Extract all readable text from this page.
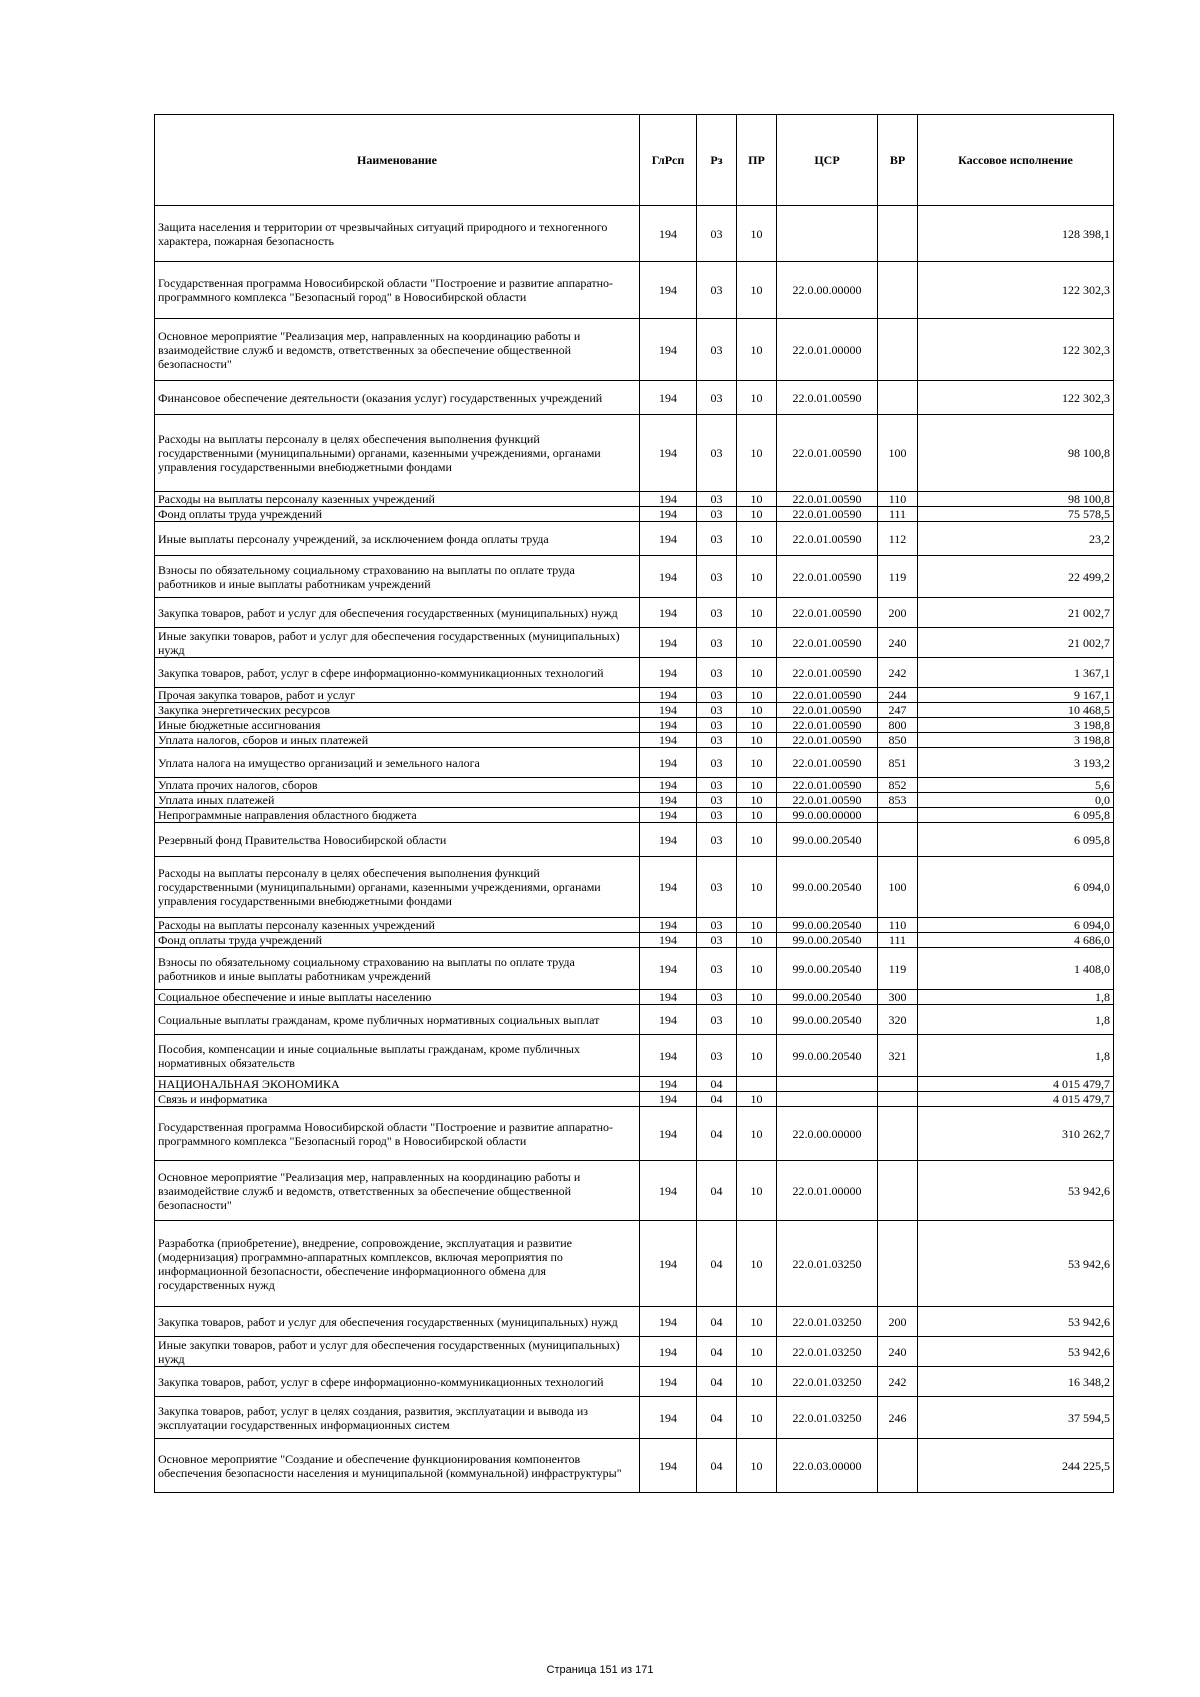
Наименование	ГлРсп	Рз	ПР	ЦСР	ВР	Кассовое исполнение
Защита населения и территории от чрезвычайных ситуаций природного и техногенного характера, пожарная безопасность	194	03	10			128 398,1
Государственная программа Новосибирской области "Построение и развитие аппаратно-программного комплекса "Безопасный город" в Новосибирской области	194	03	10	22.0.00.00000		122 302,3
Основное мероприятие "Реализация мер, направленных на координацию работы и взаимодействие служб и ведомств, ответственных за обеспечение общественной безопасности"	194	03	10	22.0.01.00000		122 302,3
Финансовое обеспечение деятельности (оказания услуг) государственных учреждений	194	03	10	22.0.01.00590		122 302,3
Расходы на выплаты персоналу в целях обеспечения выполнения функций государственными (муниципальными) органами, казенными учреждениями, органами управления государственными внебюджетными фондами	194	03	10	22.0.01.00590	100	98 100,8
Расходы на выплаты персоналу казенных учреждений	194	03	10	22.0.01.00590	110	98 100,8
Фонд оплаты труда учреждений	194	03	10	22.0.01.00590	111	75 578,5
Иные выплаты персоналу учреждений, за исключением фонда оплаты труда	194	03	10	22.0.01.00590	112	23,2
Взносы по обязательному социальному страхованию на выплаты по оплате труда работников и иные выплаты работникам учреждений	194	03	10	22.0.01.00590	119	22 499,2
Закупка товаров, работ и услуг для обеспечения государственных (муниципальных) нужд	194	03	10	22.0.01.00590	200	21 002,7
Иные закупки товаров, работ и услуг для обеспечения государственных (муниципальных) нужд	194	03	10	22.0.01.00590	240	21 002,7
Закупка товаров, работ, услуг в сфере информационно-коммуникационных технологий	194	03	10	22.0.01.00590	242	1 367,1
Прочая закупка товаров, работ и услуг	194	03	10	22.0.01.00590	244	9 167,1
Закупка энергетических ресурсов	194	03	10	22.0.01.00590	247	10 468,5
Иные бюджетные ассигнования	194	03	10	22.0.01.00590	800	3 198,8
Уплата налогов, сборов и иных платежей	194	03	10	22.0.01.00590	850	3 198,8
Уплата налога на имущество организаций и земельного налога	194	03	10	22.0.01.00590	851	3 193,2
Уплата прочих налогов, сборов	194	03	10	22.0.01.00590	852	5,6
Уплата иных платежей	194	03	10	22.0.01.00590	853	0,0
Непрограммные направления областного бюджета	194	03	10	99.0.00.00000		6 095,8
Резервный фонд Правительства Новосибирской области	194	03	10	99.0.00.20540		6 095,8
Расходы на выплаты персоналу в целях обеспечения выполнения функций государственными (муниципальными) органами, казенными учреждениями, органами управления государственными внебюджетными фондами	194	03	10	99.0.00.20540	100	6 094,0
Расходы на выплаты персоналу казенных учреждений	194	03	10	99.0.00.20540	110	6 094,0
Фонд оплаты труда учреждений	194	03	10	99.0.00.20540	111	4 686,0
Взносы по обязательному социальному страхованию на выплаты по оплате труда работников и иные выплаты работникам учреждений	194	03	10	99.0.00.20540	119	1 408,0
Социальное обеспечение и иные выплаты населению	194	03	10	99.0.00.20540	300	1,8
Социальные выплаты гражданам, кроме публичных нормативных социальных выплат	194	03	10	99.0.00.20540	320	1,8
Пособия, компенсации и иные социальные выплаты гражданам, кроме публичных нормативных обязательств	194	03	10	99.0.00.20540	321	1,8
НАЦИОНАЛЬНАЯ ЭКОНОМИКА	194	04				4 015 479,7
Связь и информатика	194	04	10			4 015 479,7
Государственная программа Новосибирской области "Построение и развитие аппаратно-программного комплекса "Безопасный город" в Новосибирской области	194	04	10	22.0.00.00000		310 262,7
Основное мероприятие "Реализация мер, направленных на координацию работы и взаимодействие служб и ведомств, ответственных за обеспечение общественной безопасности"	194	04	10	22.0.01.00000		53 942,6
Разработка (приобретение), внедрение, сопровождение, эксплуатация и развитие (модернизация) программно-аппаратных комплексов, включая мероприятия по информационной безопасности, обеспечение информационного обмена для государственных нужд	194	04	10	22.0.01.03250		53 942,6
Закупка товаров, работ и услуг для обеспечения государственных (муниципальных) нужд	194	04	10	22.0.01.03250	200	53 942,6
Иные закупки товаров, работ и услуг для обеспечения государственных (муниципальных) нужд	194	04	10	22.0.01.03250	240	53 942,6
Закупка товаров, работ, услуг в сфере информационно-коммуникационных технологий	194	04	10	22.0.01.03250	242	16 348,2
Закупка товаров, работ, услуг в целях создания, развития, эксплуатации и вывода из эксплуатации государственных информационных систем	194	04	10	22.0.01.03250	246	37 594,5
Основное мероприятие "Создание и обеспечение функционирования компонентов обеспечения безопасности населения и муниципальной (коммунальной) инфраструктуры"	194	04	10	22.0.03.00000		244 225,5
Страница 151 из 171
